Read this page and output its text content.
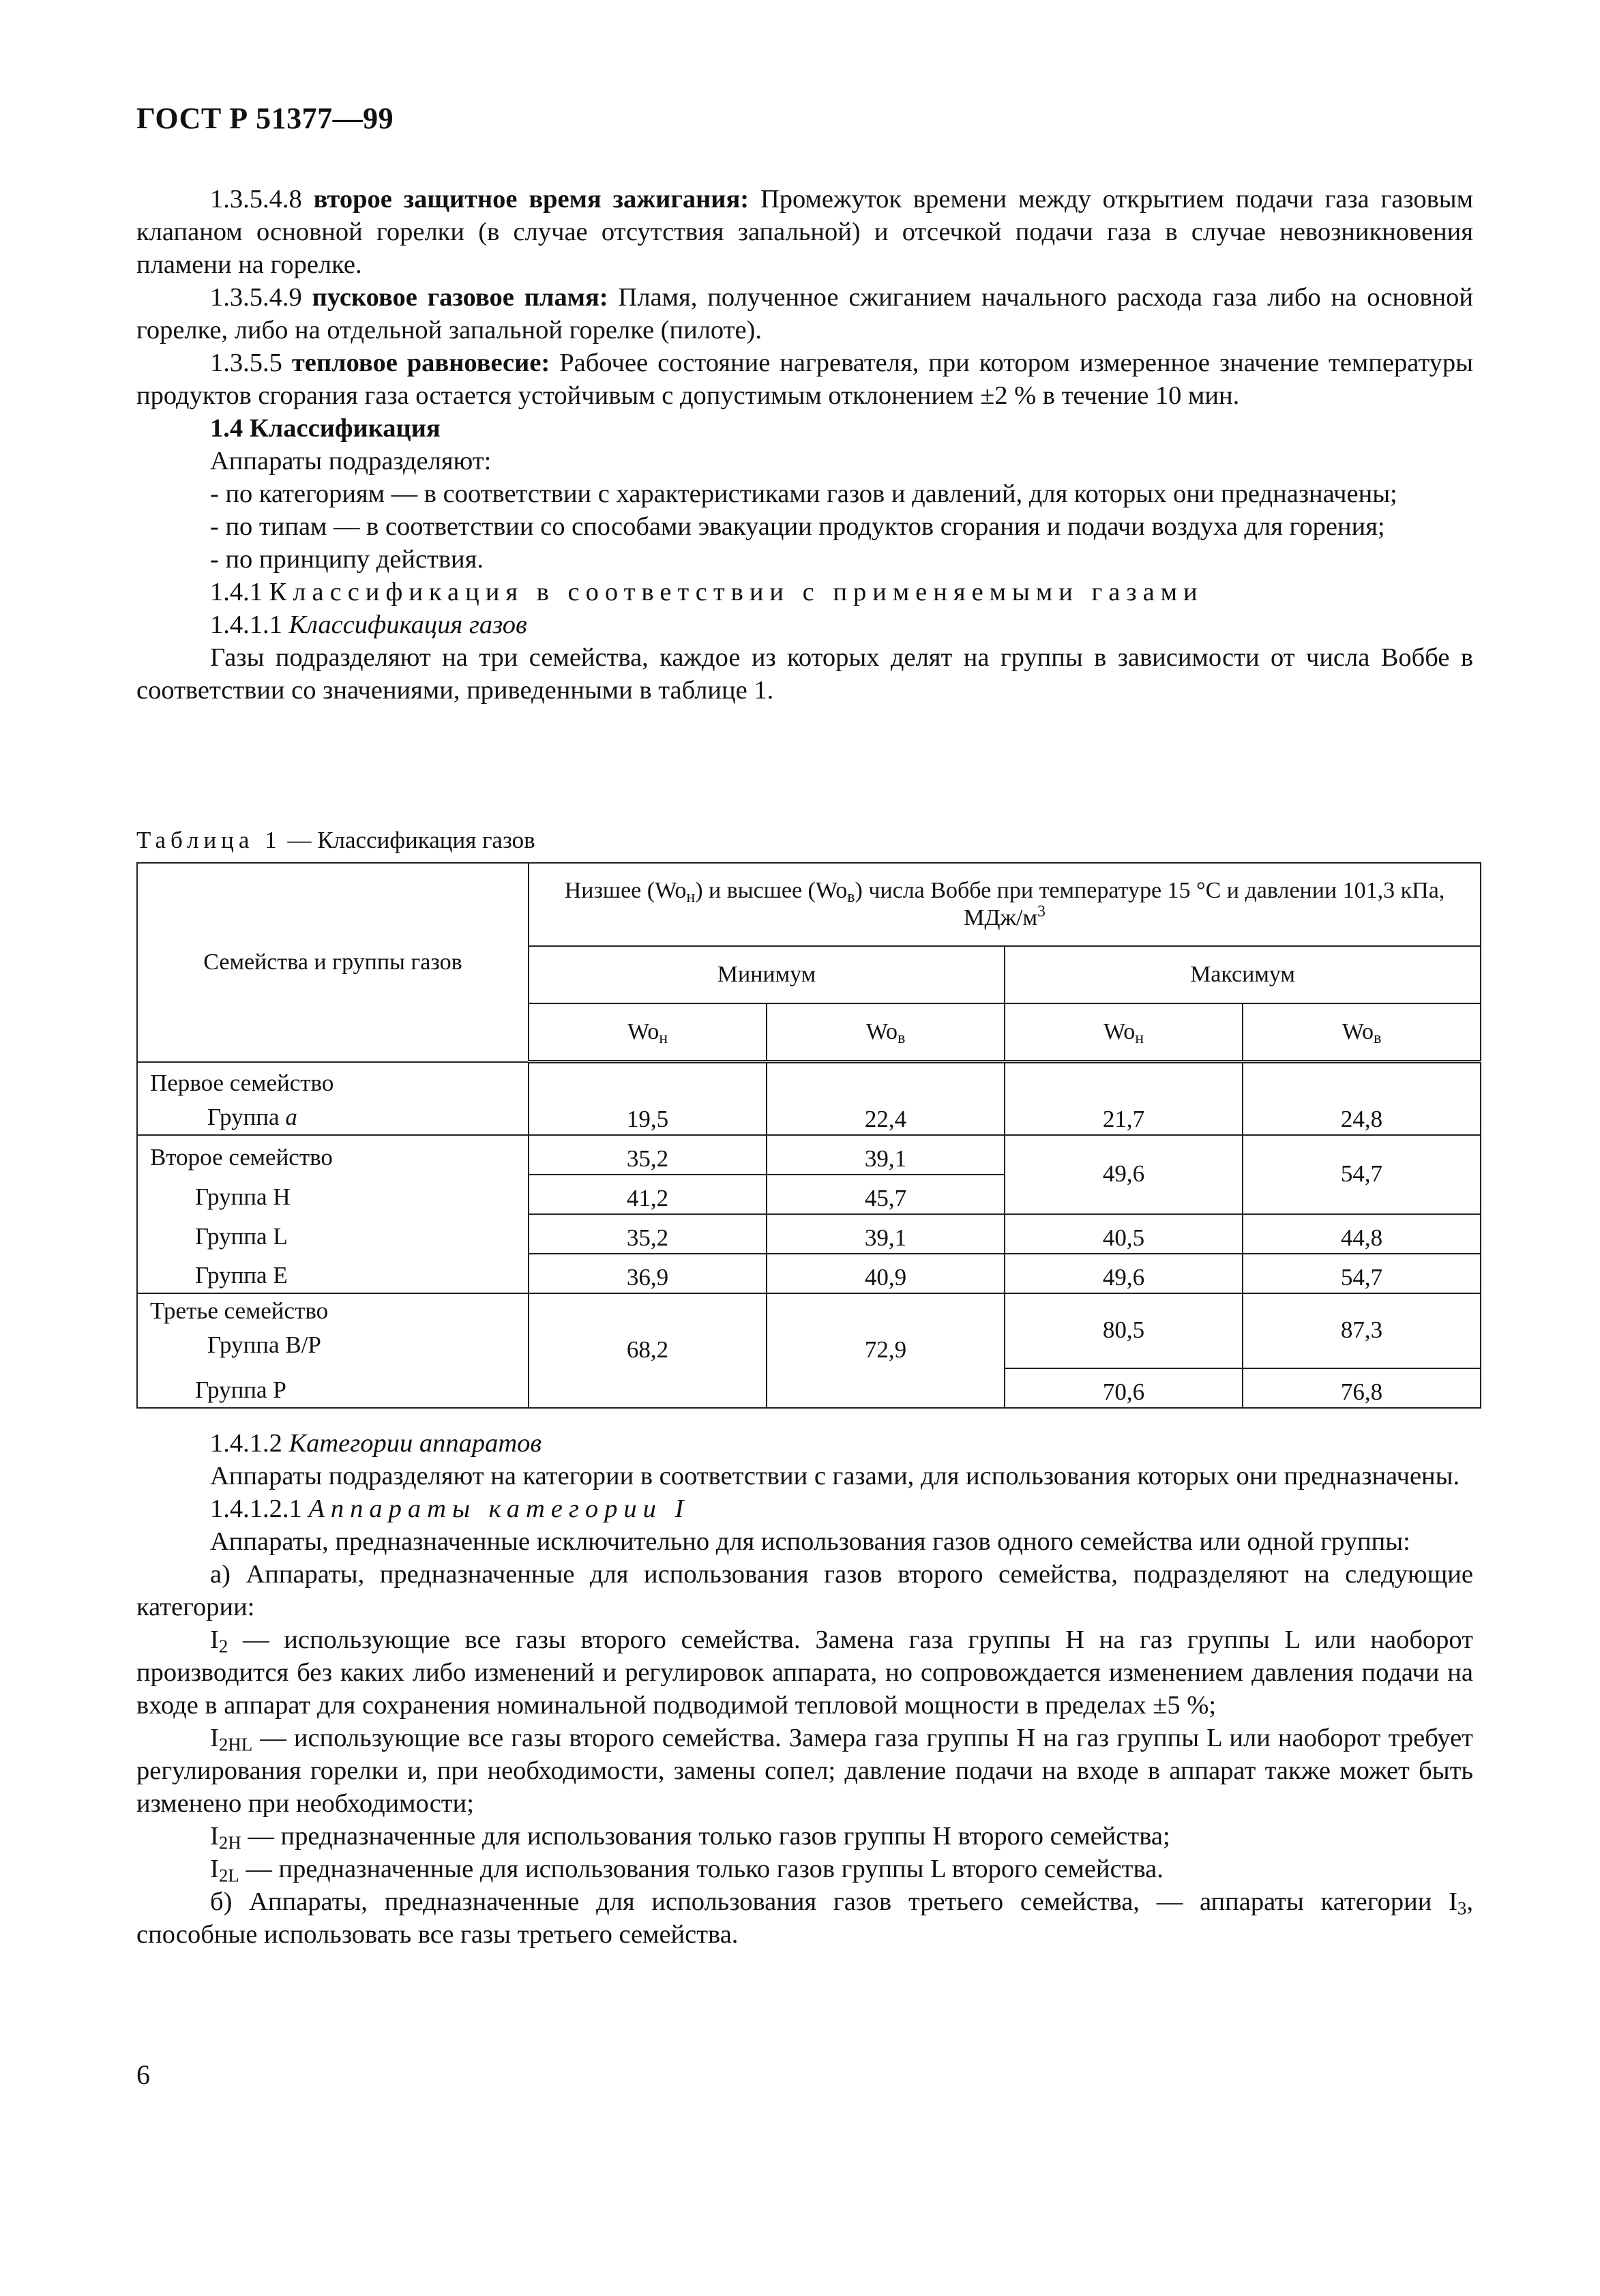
ГОСТ Р 51377—99

1.3.5.4.8 второе защитное время зажигания: Промежуток времени между открытием подачи газа газовым клапаном основной горелки (в случае отсутствия запальной) и отсечкой подачи газа в случае невозникновения пламени на горелке.

1.3.5.4.9 пусковое газовое пламя: Пламя, полученное сжиганием начального расхода газа либо на основной горелке, либо на отдельной запальной горелке (пилоте).

1.3.5.5 тепловое равновесие: Рабочее состояние нагревателя, при котором измеренное значение температуры продуктов сгорания газа остается устойчивым с допустимым отклонением ±2 % в течение 10 мин.

1.4 Классификация

Аппараты подразделяют:

- по категориям — в соответствии с характеристиками газов и давлений, для которых они предназначены;

- по типам — в соответствии со способами эвакуации продуктов сгорания и подачи воздуха для горения;

- по принципу действия.

1.4.1 Классификация в соответствии с применяемыми газами

1.4.1.1 Классификация газов

Газы подразделяют на три семейства, каждое из которых делят на группы в зависимости от числа Воббе в соответствии со значениями, приведенными в таблице 1.

Таблица 1 — Классификация газов
Семейства и группы газов	Низшее $(Wo_н)$ и высшее $(Wo_в)$ числа Воббе при температуре 15 °С и давлении 101,3 кПа, МДж/$м^3$
	Минимум		Максимум	
	$Wo_н$	$Wo_в$	$Wo_н$	$Wo_в$

Первое семейство
Группа а	19,5	22,4	21,7	24,8
Второе семейство	35,2	39,1	49,6	54,7
Группа Н	41,2	45,7		
Группа L	35,2	39,1	40,5	44,8
Группа Е	36,9	40,9	49,6	54,7

Третье семейство
Группа В/Р	68,2	72,9	80,5	87,3
Группа Р			70,6	76,8

1.4.1.2 Категории аппаратов

Аппараты подразделяют на категории в соответствии с газами, для использования которых они предназначены.

1.4.1.2.1 Аппараты категории I

Аппараты, предназначенные исключительно для использования газов одного семейства или одной группы:

а) Аппараты, предназначенные для использования газов второго семейства, подразделяют на следующие категории:

$I_2$ — использующие все газы второго семейства. Замена газа группы Н на газ группы L или наоборот производится без каких либо изменений и регулировок аппарата, но сопровождается изменением давления подачи на входе в аппарат для сохранения номинальной подводимой тепловой мощности в пределах ±5 %;

$I_{2HL}$ — использующие все газы второго семейства. Замера газа группы Н на газ группы L или наоборот требует регулирования горелки и, при необходимости, замены сопел; давление подачи на входе в аппарат также может быть изменено при необходимости;

$I_{2H}$ — предназначенные для использования только газов группы Н второго семейства;

$I_{2L}$ — предназначенные для использования только газов группы L второго семейства.

б) Аппараты, предназначенные для использования газов третьего семейства, — аппараты категории $I_3$, способные использовать все газы третьего семейства.

6
